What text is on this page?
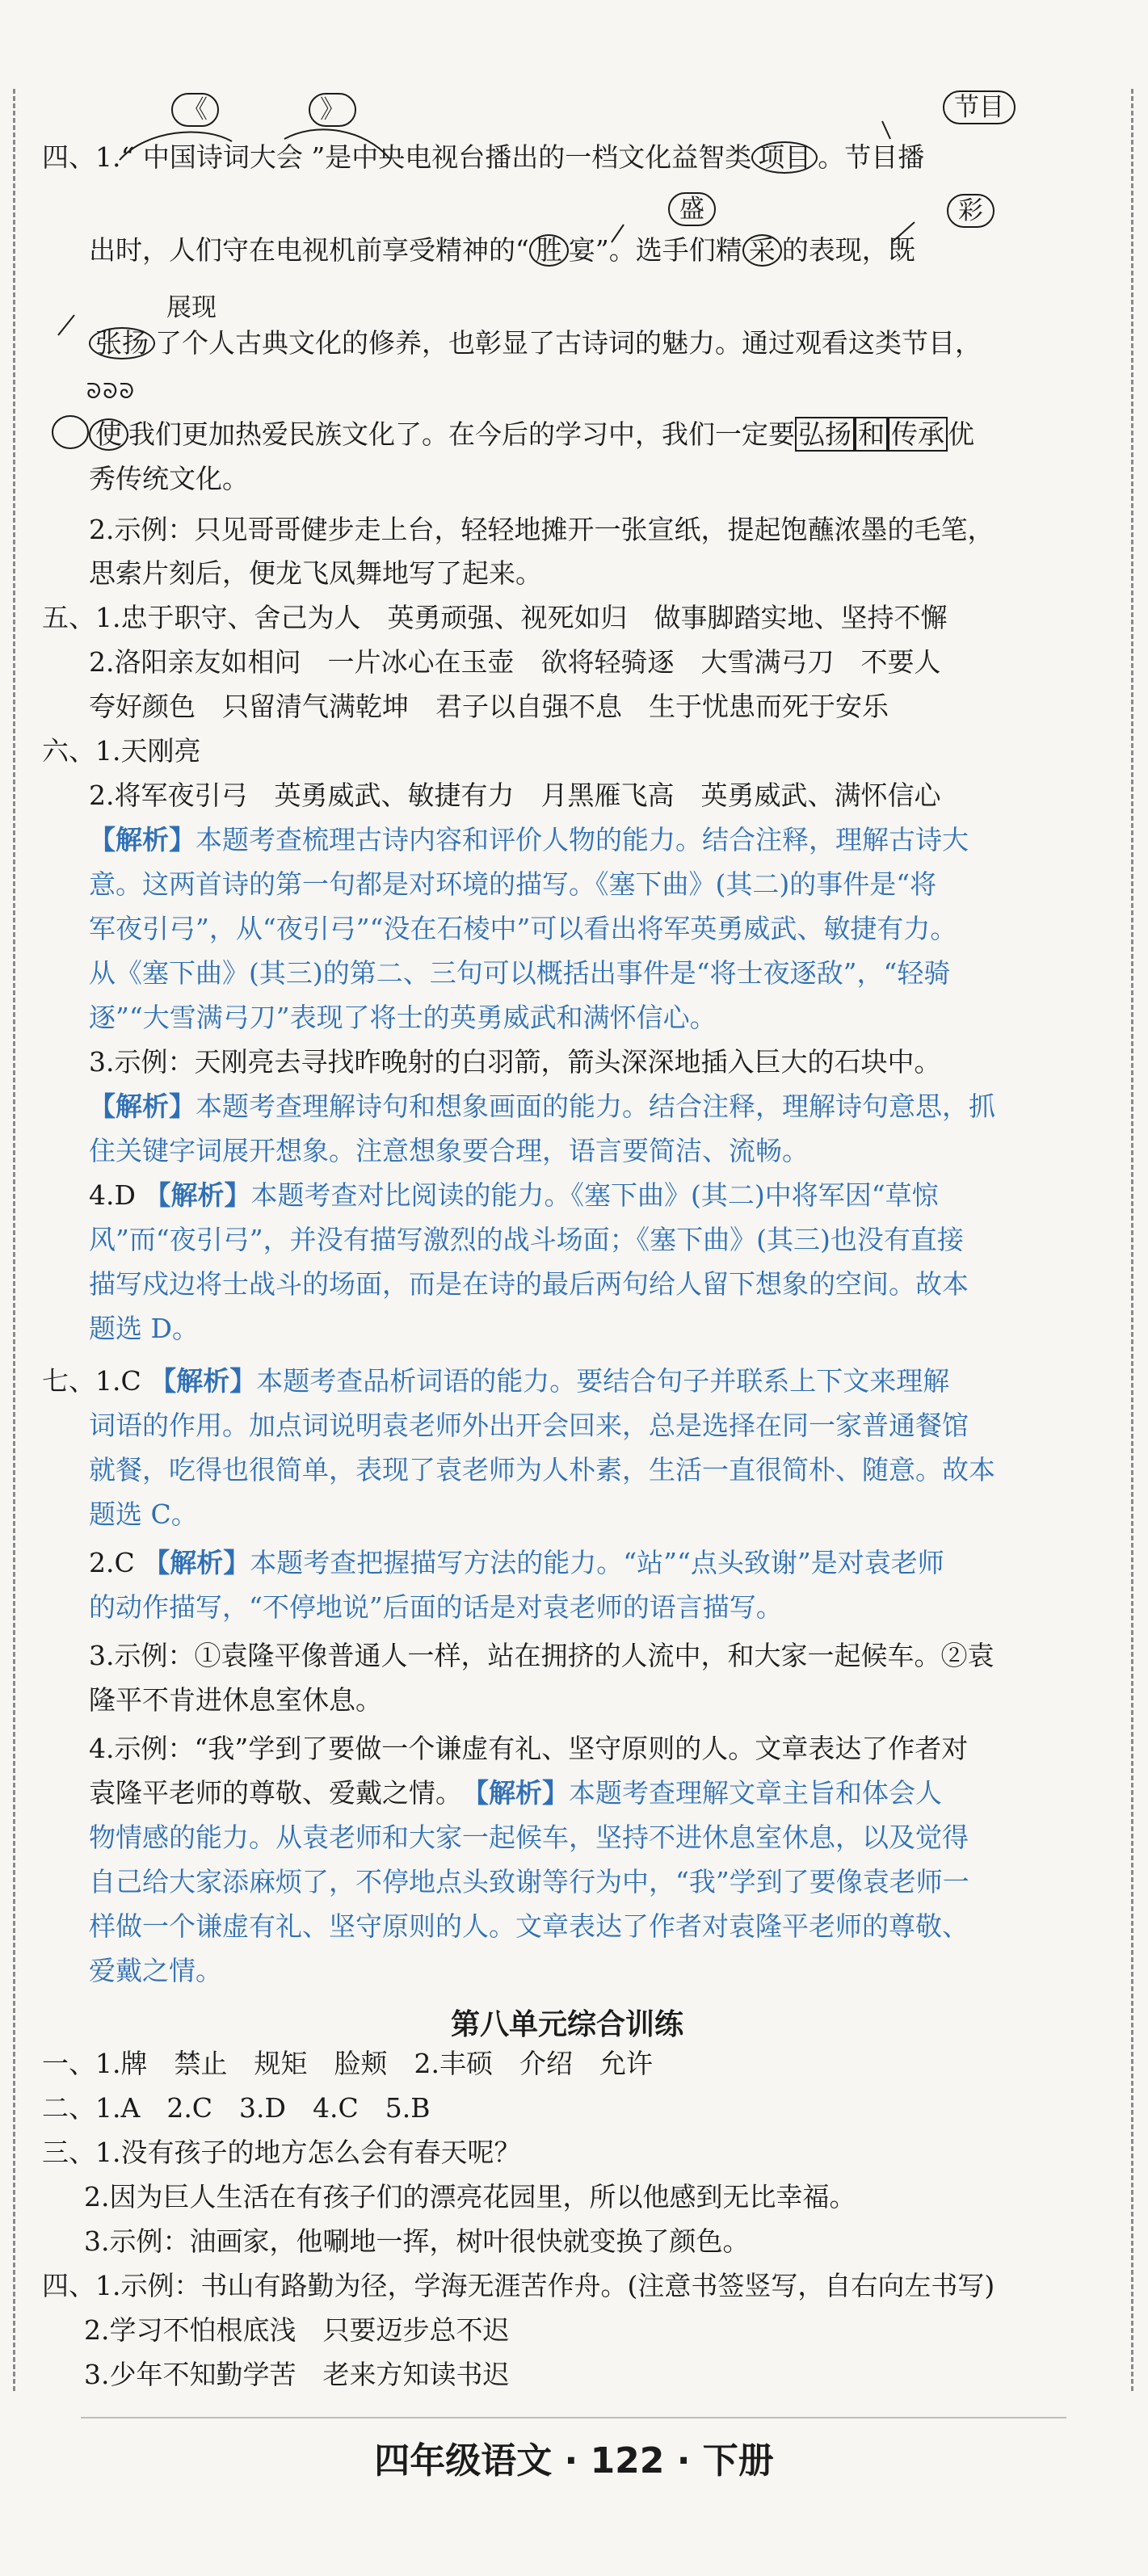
《	》	节目
盛	彩
展现
ᘐᘐᘐ
四、1.“ 中国诗词大会 ”是中央电视台播出的一档文化益智类 项目 。节目播
出时，人们守在电视机前享受精神的“ 胜 宴”。选手们精 采 的表现，既
张扬 了个人古典文化的修养，也彰显了古诗词的魅力。通过观看这类节目，
使 我们更加热爱民族文化了。在今后的学习中，我们一定要 弘扬 和 传承 优
秀传统文化。
2.示例：只见哥哥健步走上台，轻轻地摊开一张宣纸，提起饱蘸浓墨的毛笔，
思索片刻后，便龙飞凤舞地写了起来。
五、1.忠于职守、舍己为人　英勇顽强、视死如归　做事脚踏实地、坚持不懈
2.洛阳亲友如相问　一片冰心在玉壶　欲将轻骑逐　大雪满弓刀　不要人
夸好颜色　只留清气满乾坤　君子以自强不息　生于忧患而死于安乐
六、1.天刚亮
2.将军夜引弓　英勇威武、敏捷有力　月黑雁飞高　英勇威武、满怀信心
【解析】本题考查梳理古诗内容和评价人物的能力。结合注释，理解古诗大
意。这两首诗的第一句都是对环境的描写。《塞下曲》(其二)的事件是“将
军夜引弓”，从“夜引弓”“没在石棱中”可以看出将军英勇威武、敏捷有力。
从《塞下曲》(其三)的第二、三句可以概括出事件是“将士夜逐敌”，“轻骑
逐”“大雪满弓刀”表现了将士的英勇威武和满怀信心。
3.示例：天刚亮去寻找昨晚射的白羽箭，箭头深深地插入巨大的石块中。
【解析】本题考查理解诗句和想象画面的能力。结合注释，理解诗句意思，抓
住关键字词展开想象。注意想象要合理，语言要简洁、流畅。
4.D 【解析】本题考查对比阅读的能力。《塞下曲》(其二)中将军因“草惊
风”而“夜引弓”，并没有描写激烈的战斗场面；《塞下曲》(其三)也没有直接
描写戍边将士战斗的场面，而是在诗的最后两句给人留下想象的空间。故本
题选 D。
七、1.C 【解析】本题考查品析词语的能力。要结合句子并联系上下文来理解
词语的作用。加点词说明袁老师外出开会回来，总是选择在同一家普通餐馆
就餐，吃得也很简单，表现了袁老师为人朴素，生活一直很简朴、随意。故本
题选 C。
2.C 【解析】本题考查把握描写方法的能力。“站”“点头致谢”是对袁老师
的动作描写，“不停地说”后面的话是对袁老师的语言描写。
3.示例：①袁隆平像普通人一样，站在拥挤的人流中，和大家一起候车。②袁
隆平不肯进休息室休息。
4.示例：“我”学到了要做一个谦虚有礼、坚守原则的人。文章表达了作者对
袁隆平老师的尊敬、爱戴之情。　 【解析】本题考查理解文章主旨和体会人
物情感的能力。从袁老师和大家一起候车，坚持不进休息室休息，以及觉得
自己给大家添麻烦了，不停地点头致谢等行为中，“我”学到了要像袁老师一
样做一个谦虚有礼、坚守原则的人。文章表达了作者对袁隆平老师的尊敬、
爱戴之情。
第八单元综合训练
一、1.牌　禁止　规矩　脸颊　2.丰硕　介绍　允许
二、1.A　2.C　3.D　4.C　5.B
三、1.没有孩子的地方怎么会有春天呢？
2.因为巨人生活在有孩子们的漂亮花园里，所以他感到无比幸福。
3.示例：油画家，他唰地一挥，树叶很快就变换了颜色。
四、1.示例：书山有路勤为径，学海无涯苦作舟。(注意书签竖写，自右向左书写)
2.学习不怕根底浅　只要迈步总不迟
3.少年不知勤学苦　老来方知读书迟
四年级语文 · 122 · 下册
